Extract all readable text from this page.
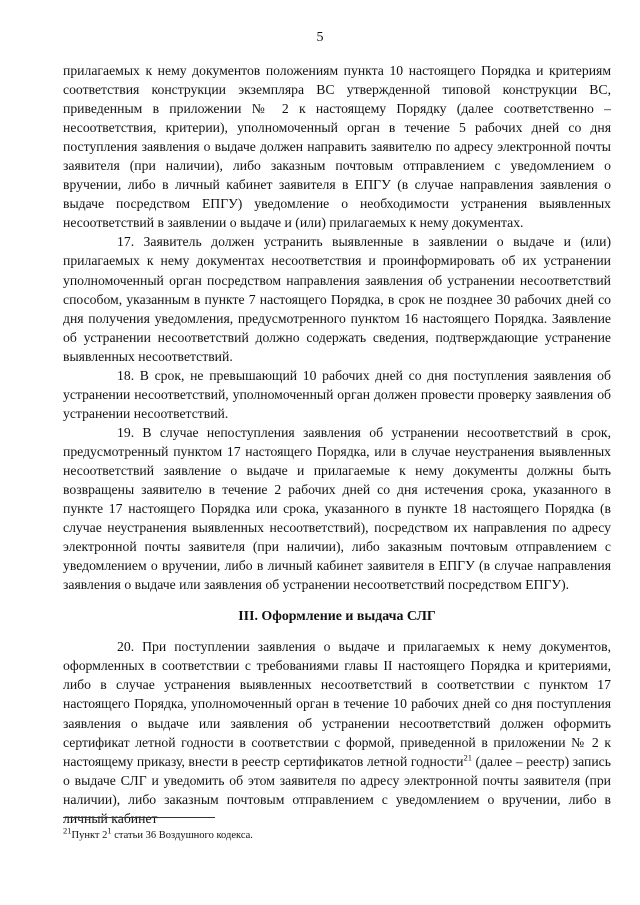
5

прилагаемых к нему документов положениям пункта 10 настоящего Порядка и критериям соответствия конструкции экземпляра ВС утвержденной типовой конструкции ВС, приведенным в приложении № 2 к настоящему Порядку (далее соответственно – несоответствия, критерии), уполномоченный орган в течение 5 рабочих дней со дня поступления заявления о выдаче должен направить заявителю по адресу электронной почты заявителя (при наличии), либо заказным почтовым отправлением с уведомлением о вручении, либо в личный кабинет заявителя в ЕПГУ (в случае направления заявления о выдаче посредством ЕПГУ) уведомление о необходимости устранения выявленных несоответствий в заявлении о выдаче и (или) прилагаемых к нему документах.

17. Заявитель должен устранить выявленные в заявлении о выдаче и (или) прилагаемых к нему документах несоответствия и проинформировать об их устранении уполномоченный орган посредством направления заявления об устранении несоответствий способом, указанным в пункте 7 настоящего Порядка, в срок не позднее 30 рабочих дней со дня получения уведомления, предусмотренного пунктом 16 настоящего Порядка. Заявление об устранении несоответствий должно содержать сведения, подтверждающие устранение выявленных несоответствий.

18. В срок, не превышающий 10 рабочих дней со дня поступления заявления об устранении несоответствий, уполномоченный орган должен провести проверку заявления об устранении несоответствий.

19. В случае непоступления заявления об устранении несоответствий в срок, предусмотренный пунктом 17 настоящего Порядка, или в случае неустранения выявленных несоответствий заявление о выдаче и прилагаемые к нему документы должны быть возвращены заявителю в течение 2 рабочих дней со дня истечения срока, указанного в пункте 17 настоящего Порядка или срока, указанного в пункте 18 настоящего Порядка (в случае неустранения выявленных несоответствий), посредством их направления по адресу электронной почты заявителя (при наличии), либо заказным почтовым отправлением с уведомлением о вручении, либо в личный кабинет заявителя в ЕПГУ (в случае направления заявления о выдаче или заявления об устранении несоответствий посредством ЕПГУ).

III. Оформление и выдача СЛГ

20. При поступлении заявления о выдаче и прилагаемых к нему документов, оформленных в соответствии с требованиями главы II настоящего Порядка и критериями, либо в случае устранения выявленных несоответствий в соответствии с пунктом 17 настоящего Порядка, уполномоченный орган в течение 10 рабочих дней со дня поступления заявления о выдаче или заявления об устранении несоответствий должен оформить сертификат летной годности в соответствии с формой, приведенной в приложении № 2 к настоящему приказу, внести в реестр сертификатов летной годности$^{21}$ (далее – реестр) запись о выдаче СЛГ и уведомить об этом заявителя по адресу электронной почты заявителя (при наличии), либо заказным почтовым отправлением с уведомлением о вручении, либо в личный кабинет

$^{21}$Пункт $2^1$ статьи 36 Воздушного кодекса.
